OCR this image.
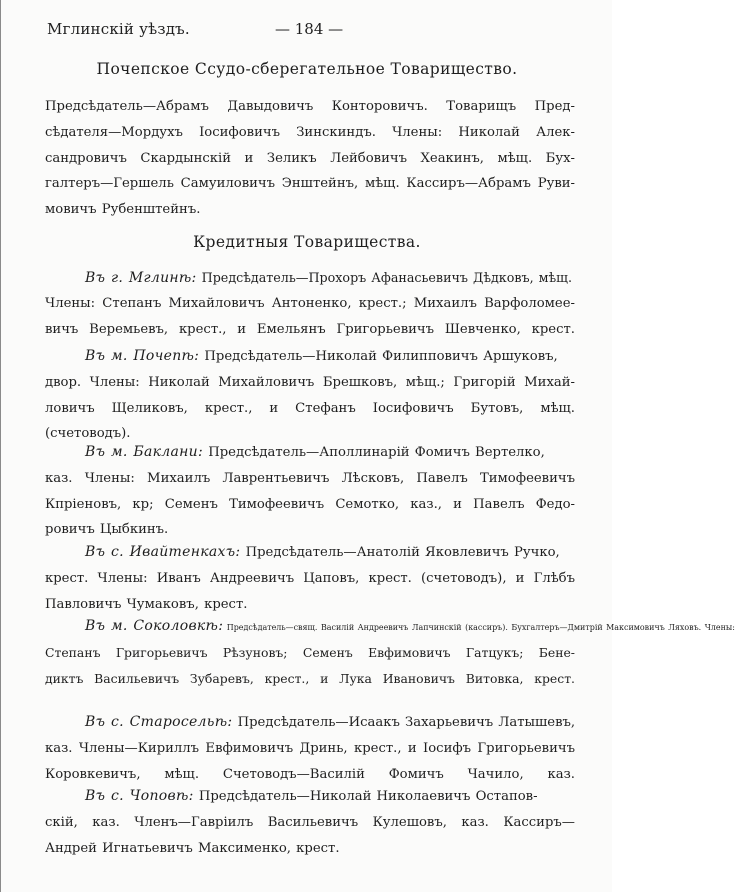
Мглинскій уѣздъ.	— 184 —
Почепское Ссудо-сберегательное Товарищество.
Предсѣдатель—Абрамъ Давыдовичъ Конторовичъ. Товарищъ Пред-
сѣдателя—Мордухъ Іосифовичъ Зинскиндъ. Члены: Николай Алек-
сандровичъ Скардынскій и Зеликъ Лейбовичъ Хеакинъ, мѣщ. Бух-
галтеръ—Гершель Самуиловичъ Энштейнъ, мѣщ. Кассиръ—Абрамъ Руви-
мовичъ Рубенштейнъ.
Кредитныя Товарищества.
Въ г. Мглинѣ: Предсѣдатель—Прохоръ Афанасьевичъ Дѣдковъ, мѣщ.
Члены: Степанъ Михайловичъ Антоненко, крест.; Михаилъ Варфоломее-
вичъ Веремьевъ, крест., и Емельянъ Григорьевичъ Шевченко, крест.
Въ м. Почепѣ: Предсѣдатель—Николай Филипповичъ Аршуковъ,
двор. Члены: Николай Михайловичъ Брешковъ, мѣщ.; Григорій Михай-
ловичъ Щеликовъ, крест., и Стефанъ Іосифовичъ Бутовъ, мѣщ.
(счетоводъ).
Въ м. Баклани: Предсѣдатель—Аполлинарій Фомичъ Вертелко,
каз. Члены: Михаилъ Лаврентьевичъ Лѣсковъ, Павелъ Тимофеевичъ
Кпріеновъ, кр; Семенъ Тимофеевичъ Семотко, каз., и Павелъ Федо-
ровичъ Цыбкинъ.
Въ с. Ивайтенкахъ: Предсѣдатель—Анатолій Яковлевичъ Ручко,
крест. Члены: Иванъ Андреевичъ Цаповъ, крест. (счетоводъ), и Глѣбъ
Павловичъ Чумаковъ, крест.
Въ м. Соколовкѣ: Предсѣдатель—свящ. Василій Андреевичъ Лапчинскій (кассиръ). Бухгалтеръ—Дмитрій Максимовичъ Ляховъ. Члены:
Степанъ Григорьевичъ Рѣзуновъ; Семенъ Евфимовичъ Гатцукъ; Бене-
диктъ Васильевичъ Зубаревъ, крест., и Лука Ивановичъ Витовка, крест.
Въ с. Старосельѣ: Предсѣдатель—Исаакъ Захарьевичъ Латышевъ,
каз. Члены—Кириллъ Евфимовичъ Дринь, крест., и Іосифъ Григорьевичъ
Коровкевичъ, мѣщ. Счетоводъ—Василій Фомичъ Чачило, каз.
Въ с. Чоповѣ: Предсѣдатель—Николай Николаевичъ Остапов-
скій, каз. Членъ—Гавріилъ Васильевичъ Кулешовъ, каз. Кассиръ—
Андрей Игнатьевичъ Максименко, крест.
